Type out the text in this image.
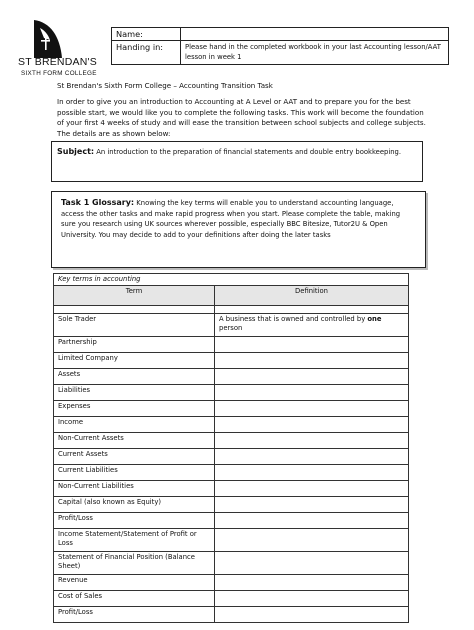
ST BRENDAN'S
SIXTH FORM COLLEGE
Name:
Handing in:	Please hand in the completed workbook in your last Accounting lesson/AAT lesson in week 1
St Brendan's Sixth Form College – Accounting Transition Task
In order to give you an introduction to Accounting at A Level or AAT and to prepare you for the best possible start, we would like you to complete the following tasks. This work will become the foundation of your first 4 weeks of study and will ease the transition between school subjects and college subjects. The details are as shown below:
Subject: An introduction to the preparation of financial statements and double entry bookkeeping.
Task 1 Glossary: Knowing the key terms will enable you to understand accounting language, access the other tasks and make rapid progress when you start. Please complete the table, making sure you research using UK sources wherever possible, especially BBC Bitesize, Tutor2U & Open University. You may decide to add to your definitions after doing the later tasks
Key terms in accounting	
Term	Definition

Sole Trader	A business that is owned and controlled by one person
Partnership	
Limited Company	
Assets	
Liabilities	
Expenses	
Income	
Non-Current Assets	
Current Assets	
Current Liabilities	
Non-Current Liabilities	
Capital (also known as Equity)	
Profit/Loss	
Income Statement/Statement of Profit or Loss	
Statement of Financial Position (Balance Sheet)	
Revenue	
Cost of Sales	
Profit/Loss	
